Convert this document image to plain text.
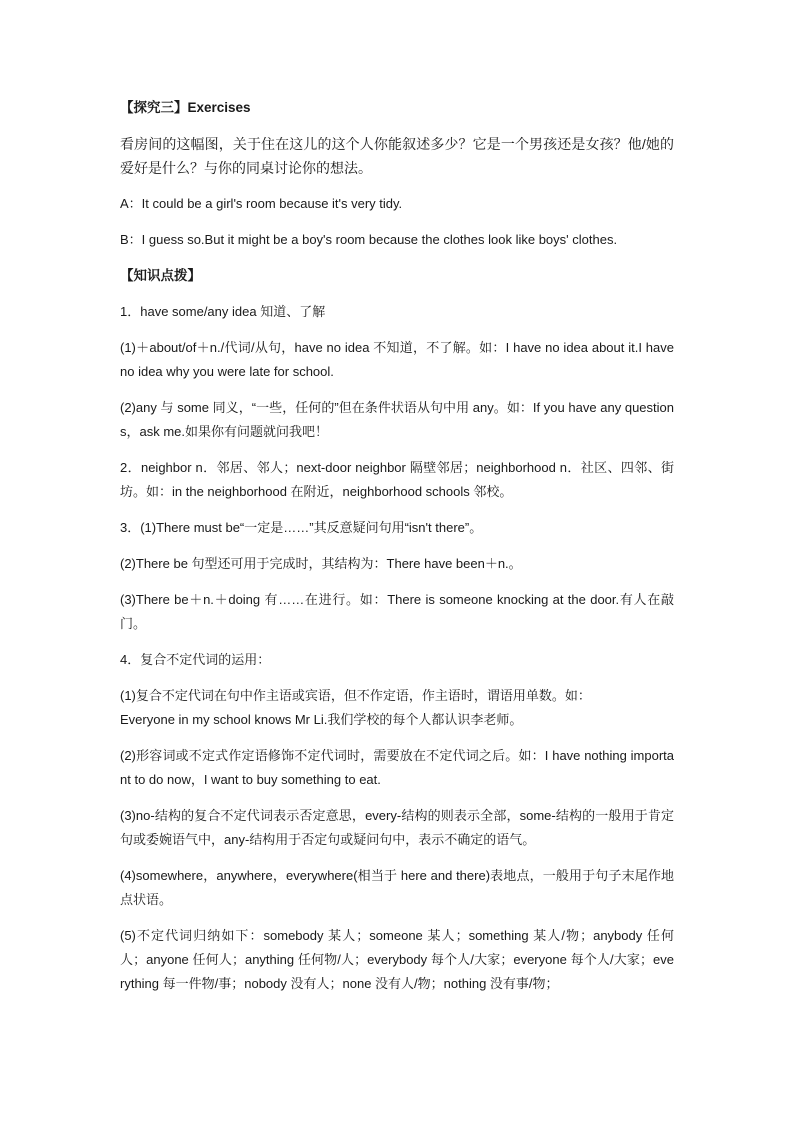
【探究三】Exercises

看房间的这幅图，关于住在这儿的这个人你能叙述多少？它是一个男孩还是女孩？他/她的爱好是什么？与你的同桌讨论你的想法。

A：It could be a girl's room because it's very tidy.

B：I guess so.But it might be a boy's room because the clothes look like boys' clothes.

【知识点拨】

1．have some/any idea 知道、了解

(1)＋about/of＋n./代词/从句，have no idea 不知道，不了解。如：I have no idea about it.I have no idea why you were late for school.

(2)any 与 some 同义，“一些，任何的”但在条件状语从句中用 any。如：If you have any questions，ask me.如果你有问题就问我吧！

2．neighbor n．邻居、邻人；next-door neighbor 隔壁邻居；neighborhood n．社区、四邻、街坊。如：in the neighborhood 在附近，neighborhood schools 邻校。

3．(1)There must be“一定是……”其反意疑问句用“isn't there”。

(2)There be 句型还可用于完成时，其结构为：There have been＋n.。

(3)There be＋n.＋doing 有……在进行。如：There is someone knocking at the door.有人在敲门。

4．复合不定代词的运用：

(1)复合不定代词在句中作主语或宾语，但不作定语，作主语时，谓语用单数。如：
Everyone in my school knows Mr Li.我们学校的每个人都认识李老师。

(2)形容词或不定式作定语修饰不定代词时，需要放在不定代词之后。如：I have nothing important to do now，I want to buy something to eat.

(3)no-结构的复合不定代词表示否定意思，every-结构的则表示全部，some-结构的一般用于肯定句或委婉语气中，any-结构用于否定句或疑问句中，表示不确定的语气。

(4)somewhere，anywhere，everywhere(相当于 here and there)表地点，一般用于句子末尾作地点状语。

(5)不定代词归纳如下：somebody 某人；someone 某人；something 某人/物；anybody 任何人；anyone 任何人；anything 任何物/人；everybody 每个人/大家；everyone 每个人/大家；everything 每一件物/事；nobody 没有人；none 没有人/物；nothing 没有事/物；
